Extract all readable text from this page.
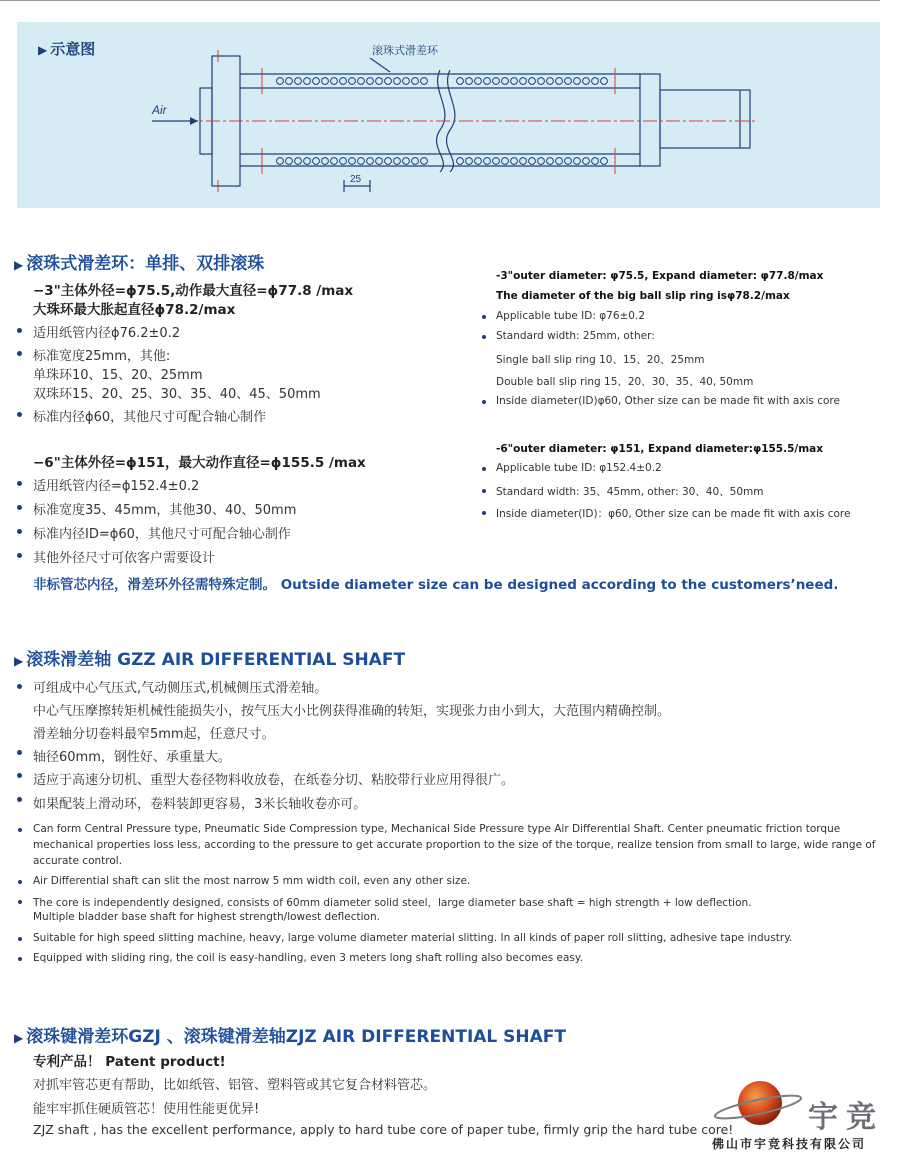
▶ 示意图
Air
滚珠式滑差环
25
▶ 滚珠式滑差环：单排、双排滚珠
−3"主体外径=ϕ75.5,动作最大直径=ϕ77.8 /max
大珠环最大胀起直径ϕ78.2/max
适用纸管内径ϕ76.2±0.2
标准宽度25mm，其他:
单珠环10、15、20、25mm
双珠环15、20、25、30、35、40、45、50mm
标准内径ϕ60，其他尺寸可配合轴心制作
−6"主体外径=ϕ151，最大动作直径=ϕ155.5 /max
适用纸管内径=ϕ152.4±0.2
标准宽度35、45mm，其他30、40、50mm
标准内径ID=ϕ60，其他尺寸可配合轴心制作
其他外径尺寸可依客户需要设计
-3"outer diameter: φ75.5, Expand diameter: φ77.8/max
The diameter of the big ball slip ring isφ78.2/max
Applicable tube ID: φ76±0.2
Standard width: 25mm, other:
Single ball slip ring 10、15、20、25mm
Double ball slip ring 15、20、30、35、40, 50mm
Inside diameter(ID)φ60, Other size can be made fit with axis core
-6"outer diameter: φ151, Expand diameter:φ155.5/max
Applicable tube ID: φ152.4±0.2
Standard width: 35、45mm, other: 30、40、50mm
Inside diameter(ID)：φ60, Other size can be made fit with axis core
非标管芯内径，滑差环外径需特殊定制。 Outside diameter size can be designed according to the customers’need.
▶ 滚珠滑差轴 GZZ AIR DIFFERENTIAL SHAFT
可组成中心气压式,气动侧压式,机械侧压式滑差轴。
中心气压摩擦转矩机械性能损失小，按气压大小比例获得准确的转矩，实现张力由小到大，大范围内精确控制。
滑差轴分切卷料最窄5mm起，任意尺寸。
轴径60mm，钢性好、承重量大。
适应于高速分切机、重型大卷径物料收放卷，在纸卷分切、粘胶带行业应用得很广。
如果配装上滑动环，卷料装卸更容易，3米长轴收卷亦可。
Can form Central Pressure type, Pneumatic Side Compression type, Mechanical Side Pressure type Air Differential Shaft. Center pneumatic friction torque
mechanical properties loss less, according to the pressure to get accurate proportion to the size of the torque, realize tension from small to large, wide range of
accurate control.
Air Differential shaft can slit the most narrow 5 mm width coil, even any other size.
The core is independently designed, consists of 60mm diameter solid steel，large diameter base shaft = high strength + low deflection.
Multiple bladder base shaft for highest strength/lowest deflection.
Suitable for high speed slitting machine, heavy, large volume diameter material slitting. In all kinds of paper roll slitting, adhesive tape industry.
Equipped with sliding ring, the coil is easy-handling, even 3 meters long shaft rolling also becomes easy.
▶ 滚珠键滑差环GZJ 、滚珠键滑差轴ZJZ AIR DIFFERENTIAL SHAFT
专利产品！ Patent product!
对抓牢管芯更有帮助，比如纸管、铝管、塑料管或其它复合材料管芯。
能牢牢抓住硬质管芯！使用性能更优异!
ZJZ shaft , has the excellent performance, apply to hard tube core of paper tube, firmly grip the hard tube core! 宇竞
佛山市宇竞科技有限公司
